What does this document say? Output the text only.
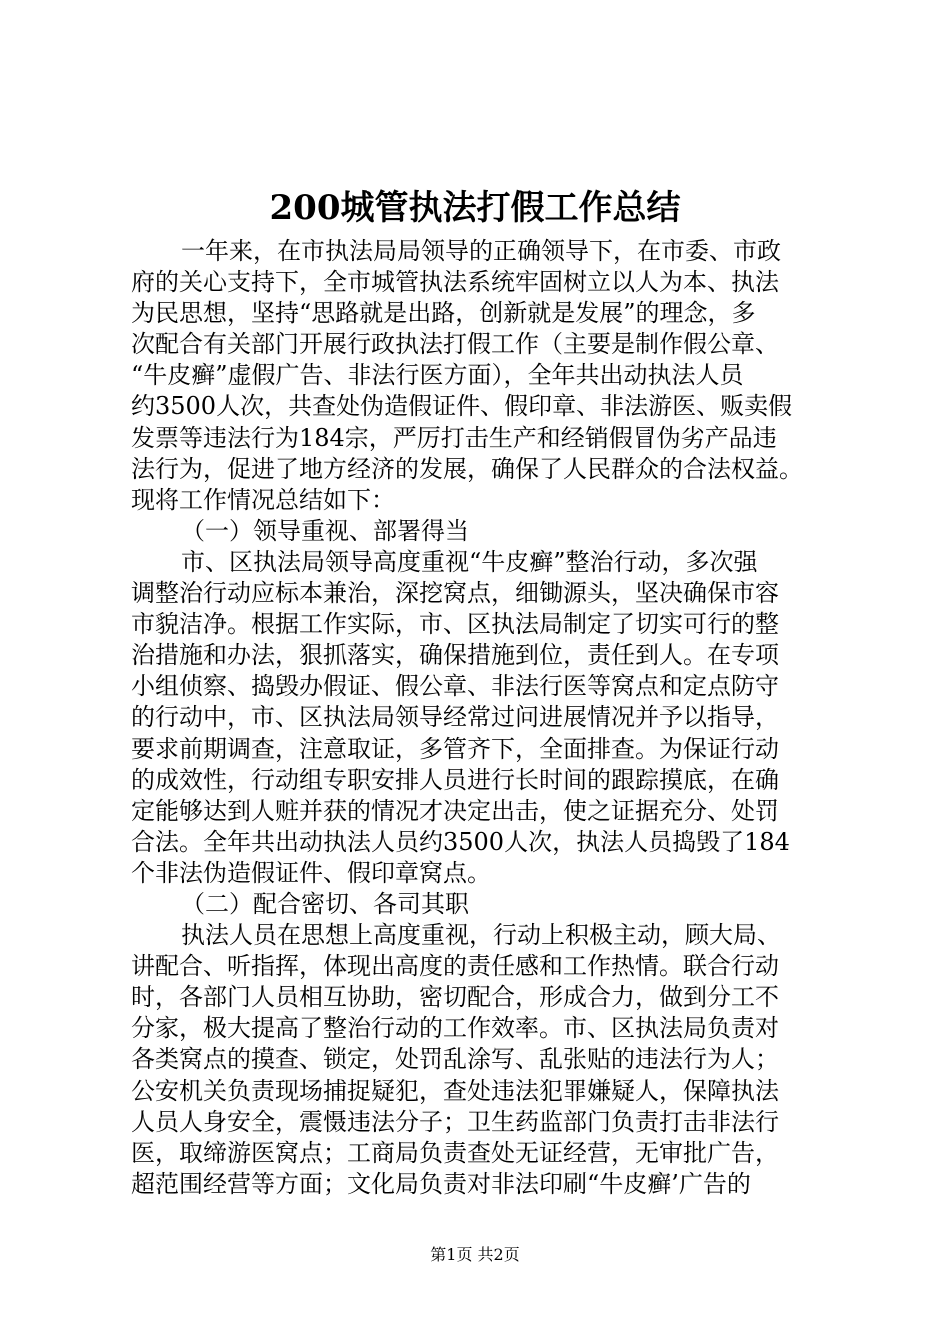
200城管执法打假工作总结
一年来，在市执法局局领导的正确领导下，在市委、市政
府的关心支持下，全市城管执法系统牢固树立以人为本、执法
为民思想，坚持“思路就是出路，创新就是发展”的理念，多
次配合有关部门开展行政执法打假工作（主要是制作假公章、
“牛皮癣”虚假广告、非法行医方面），全年共出动执法人员
约3500人次，共查处伪造假证件、假印章、非法游医、贩卖假
发票等违法行为184宗，严厉打击生产和经销假冒伪劣产品违
法行为，促进了地方经济的发展，确保了人民群众的合法权益。
现将工作情况总结如下：
（一）领导重视、部署得当
市、区执法局领导高度重视“牛皮癣”整治行动，多次强
调整治行动应标本兼治，深挖窝点，细锄源头，坚决确保市容
市貌洁净。根据工作实际，市、区执法局制定了切实可行的整
治措施和办法，狠抓落实，确保措施到位，责任到人。在专项
小组侦察、捣毁办假证、假公章、非法行医等窝点和定点防守
的行动中，市、区执法局领导经常过问进展情况并予以指导，
要求前期调查，注意取证，多管齐下，全面排查。为保证行动
的成效性，行动组专职安排人员进行长时间的跟踪摸底，在确
定能够达到人赃并获的情况才决定出击，使之证据充分、处罚
合法。全年共出动执法人员约3500人次，执法人员捣毁了184
个非法伪造假证件、假印章窝点。
（二）配合密切、各司其职
执法人员在思想上高度重视，行动上积极主动，顾大局、
讲配合、听指挥，体现出高度的责任感和工作热情。联合行动
时，各部门人员相互协助，密切配合，形成合力，做到分工不
分家，极大提高了整治行动的工作效率。市、区执法局负责对
各类窝点的摸查、锁定，处罚乱涂写、乱张贴的违法行为人；
公安机关负责现场捕捉疑犯，查处违法犯罪嫌疑人，保障执法
人员人身安全，震慑违法分子；卫生药监部门负责打击非法行
医，取缔游医窝点；工商局负责查处无证经营，无审批广告，
超范围经营等方面；文化局负责对非法印刷“牛皮癣’广告的
第1页 共2页
